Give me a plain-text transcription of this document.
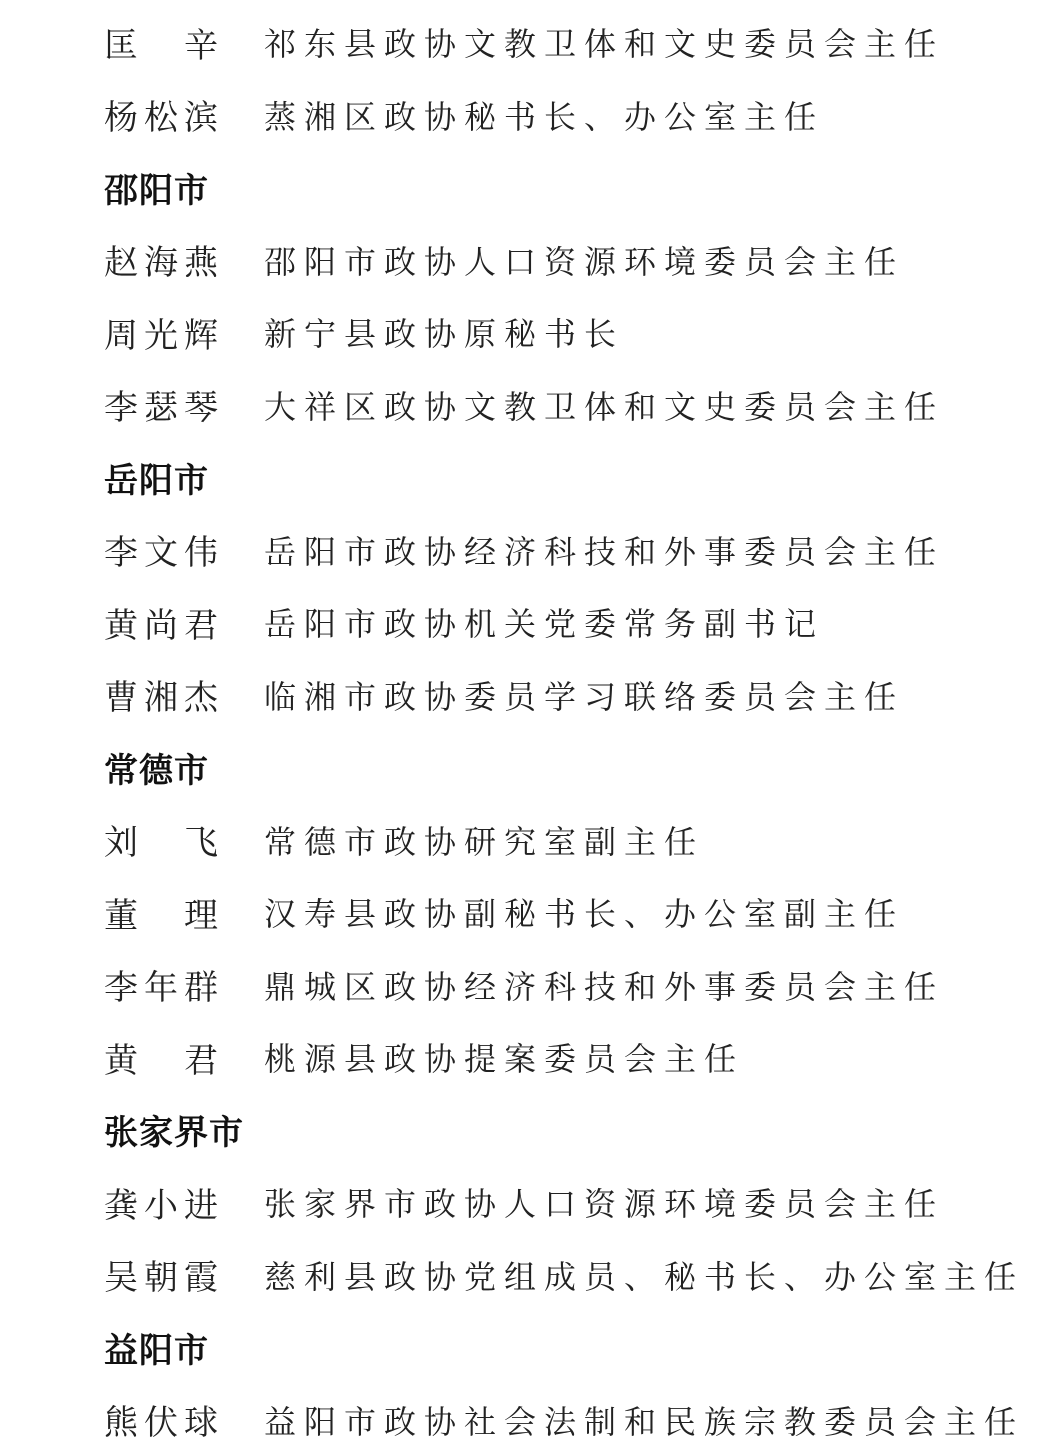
匡辛 祁东县政协文教卫体和文史委员会主任
杨松滨	蒸湘区政协秘书长、办公室主任
邵阳市
赵海燕	邵阳市政协人口资源环境委员会主任
周光辉	新宁县政协原秘书长
李瑟琴	大祥区政协文教卫体和文史委员会主任
岳阳市
李文伟	岳阳市政协经济科技和外事委员会主任
黄尚君	岳阳市政协机关党委常务副书记
曹湘杰	临湘市政协委员学习联络委员会主任
常德市
刘飞 常德市政协研究室副主任
董理 汉寿县政协副秘书长、办公室副主任
李年群	鼎城区政协经济科技和外事委员会主任
黄君 桃源县政协提案委员会主任
张家界市
龚小进	张家界市政协人口资源环境委员会主任
吴朝霞	慈利县政协党组成员、秘书长、办公室主任
益阳市
熊伏球	益阳市政协社会法制和民族宗教委员会主任
